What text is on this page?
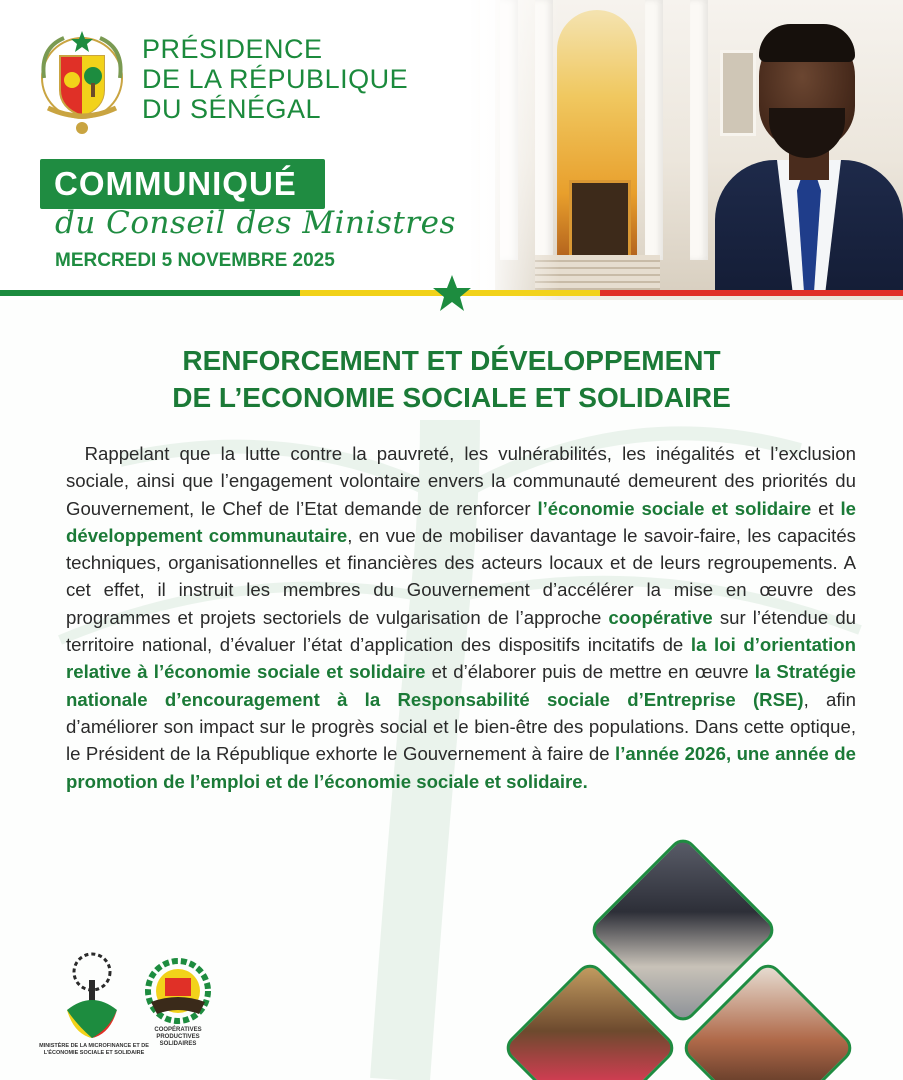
PRÉSIDENCE
DE LA RÉPUBLIQUE
DU SÉNÉGAL
COMMUNIQUÉ
du Conseil des Ministres
MERCREDI 5 NOVEMBRE 2025
RENFORCEMENT ET DÉVELOPPEMENT
DE L’ECONOMIE SOCIALE ET SOLIDAIRE

 Rappelant que la lutte contre la pauvreté, les vulnérabilités, les inégalités et l’exclusion sociale, ainsi que l’engagement volontaire envers la communauté demeurent des priorités du Gouvernement, le Chef de l’Etat demande de renforcer l’économie sociale et solidaire et le développement communautaire, en vue de mobiliser davantage le savoir-faire, les capacités techniques, organisationnelles et financières des acteurs locaux et de leurs regroupements. A cet effet, il instruit les membres du Gouvernement d’accélérer la mise en œuvre des programmes et projets sectoriels de vulgarisation de l’approche coopérative sur l’étendue du territoire national, d’évaluer l’état d’application des dispositifs incitatifs de la loi d’orientation relative à l’économie sociale et solidaire et d’élaborer puis de mettre en œuvre la Stratégie nationale d’encouragement à la Responsabilité sociale d’Entreprise (RSE), afin d’améliorer son impact sur le progrès social et le bien-être des populations. Dans cette optique, le Président de la République exhorte le Gouvernement à faire de l’année 2026, une année de promotion de l’emploi et de l’économie sociale et solidaire.

MINISTÈRE DE LA MICROFINANCE ET DE L’ÉCONOMIE SOCIALE ET SOLIDAIRE
COOPÉRATIVES PRODUCTIVES SOLIDAIRES
